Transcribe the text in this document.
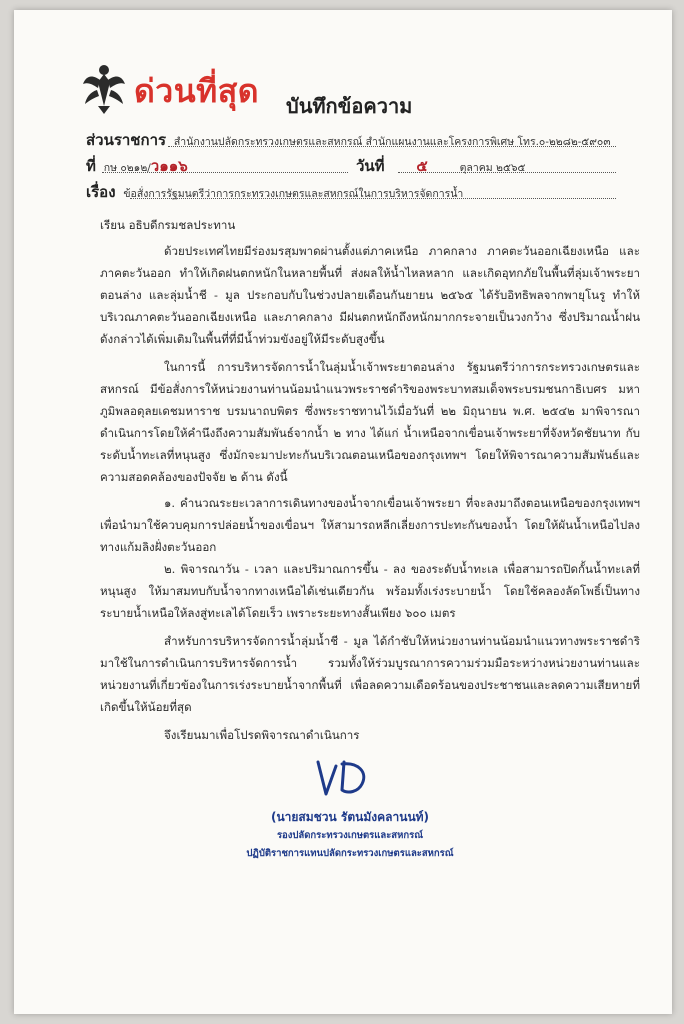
ด่วนที่สุด บันทึกข้อความ
ส่วนราชการ สำนักงานปลัดกระทรวงเกษตรและสหกรณ์ สำนักแผนงานและโครงการพิเศษ โทร.๐-๒๒๘๒-๕๙๐๓
ที่ กษ ๐๒๑๒/ว๑๑๖	วันที่ ๕	ตุลาคม ๒๕๖๕
เรื่อง ข้อสั่งการรัฐมนตรีว่าการกระทรวงเกษตรและสหกรณ์ในการบริหารจัดการน้ำ

เรียน อธิบดีกรมชลประทาน

ด้วยประเทศไทยมีร่องมรสุมพาดผ่านตั้งแต่ภาคเหนือ ภาคกลาง ภาคตะวันออกเฉียงเหนือ และภาคตะวันออก ทำให้เกิดฝนตกหนักในหลายพื้นที่ ส่งผลให้น้ำไหลหลาก และเกิดอุทกภัยในพื้นที่ลุ่มเจ้าพระยาตอนล่าง และลุ่มน้ำชี - มูล ประกอบกับในช่วงปลายเดือนกันยายน ๒๕๖๕ ได้รับอิทธิพลจากพายุโนรู ทำให้บริเวณภาคตะวันออกเฉียงเหนือ และภาคกลาง มีฝนตกหนักถึงหนักมากกระจายเป็นวงกว้าง ซึ่งปริมาณน้ำฝนดังกล่าวได้เพิ่มเติมในพื้นที่ที่มีน้ำท่วมขังอยู่ให้มีระดับสูงขึ้น

ในการนี้ การบริหารจัดการน้ำในลุ่มน้ำเจ้าพระยาตอนล่าง รัฐมนตรีว่าการกระทรวงเกษตรและสหกรณ์ มีข้อสั่งการให้หน่วยงานท่านน้อมนำแนวพระราชดำริของพระบาทสมเด็จพระบรมชนกาธิเบศร มหาภูมิพลอดุลยเดชมหาราช บรมนาถบพิตร ซึ่งพระราชทานไว้เมื่อวันที่ ๒๒ มิถุนายน พ.ศ. ๒๕๔๒ มาพิจารณาดำเนินการโดยให้คำนึงถึงความสัมพันธ์จากน้ำ ๒ ทาง ได้แก่ น้ำเหนือจากเขื่อนเจ้าพระยาที่จังหวัดชัยนาท กับระดับน้ำทะเลที่หนุนสูง ซึ่งมักจะมาปะทะกันบริเวณตอนเหนือของกรุงเทพฯ โดยให้พิจารณาความสัมพันธ์และความสอดคล้องของปัจจัย ๒ ด้าน ดังนี้

๑. คำนวณระยะเวลาการเดินทางของน้ำจากเขื่อนเจ้าพระยา ที่จะลงมาถึงตอนเหนือของกรุงเทพฯ เพื่อนำมาใช้ควบคุมการปล่อยน้ำของเขื่อนฯ ให้สามารถหลีกเลี่ยงการปะทะกันของน้ำ โดยให้ผันน้ำเหนือไปลงทางแก้มลิงฝั่งตะวันออก

๒. พิจารณาวัน - เวลา และปริมาณการขึ้น - ลง ของระดับน้ำทะเล เพื่อสามารถปิดกั้นน้ำทะเลที่หนุนสูง ให้มาสมทบกับน้ำจากทางเหนือได้เช่นเดียวกัน พร้อมทั้งเร่งระบายน้ำ โดยใช้คลองลัดโพธิ์เป็นทางระบายน้ำเหนือให้ลงสู่ทะเลได้โดยเร็ว เพราะระยะทางสั้นเพียง ๖๐๐ เมตร

สำหรับการบริหารจัดการน้ำลุ่มน้ำชี - มูล ได้กำชับให้หน่วยงานท่านน้อมนำแนวทางพระราชดำริมาใช้ในการดำเนินการบริหารจัดการน้ำ รวมทั้งให้ร่วมบูรณาการความร่วมมือระหว่างหน่วยงานท่านและหน่วยงานที่เกี่ยวข้องในการเร่งระบายน้ำจากพื้นที่ เพื่อลดความเดือดร้อนของประชาชนและลดความเสียหายที่เกิดขึ้นให้น้อยที่สุด

จึงเรียนมาเพื่อโปรดพิจารณาดำเนินการ

(นายสมชวน รัตนมังคลานนท์)
รองปลัดกระทรวงเกษตรและสหกรณ์
ปฏิบัติราชการแทนปลัดกระทรวงเกษตรและสหกรณ์
